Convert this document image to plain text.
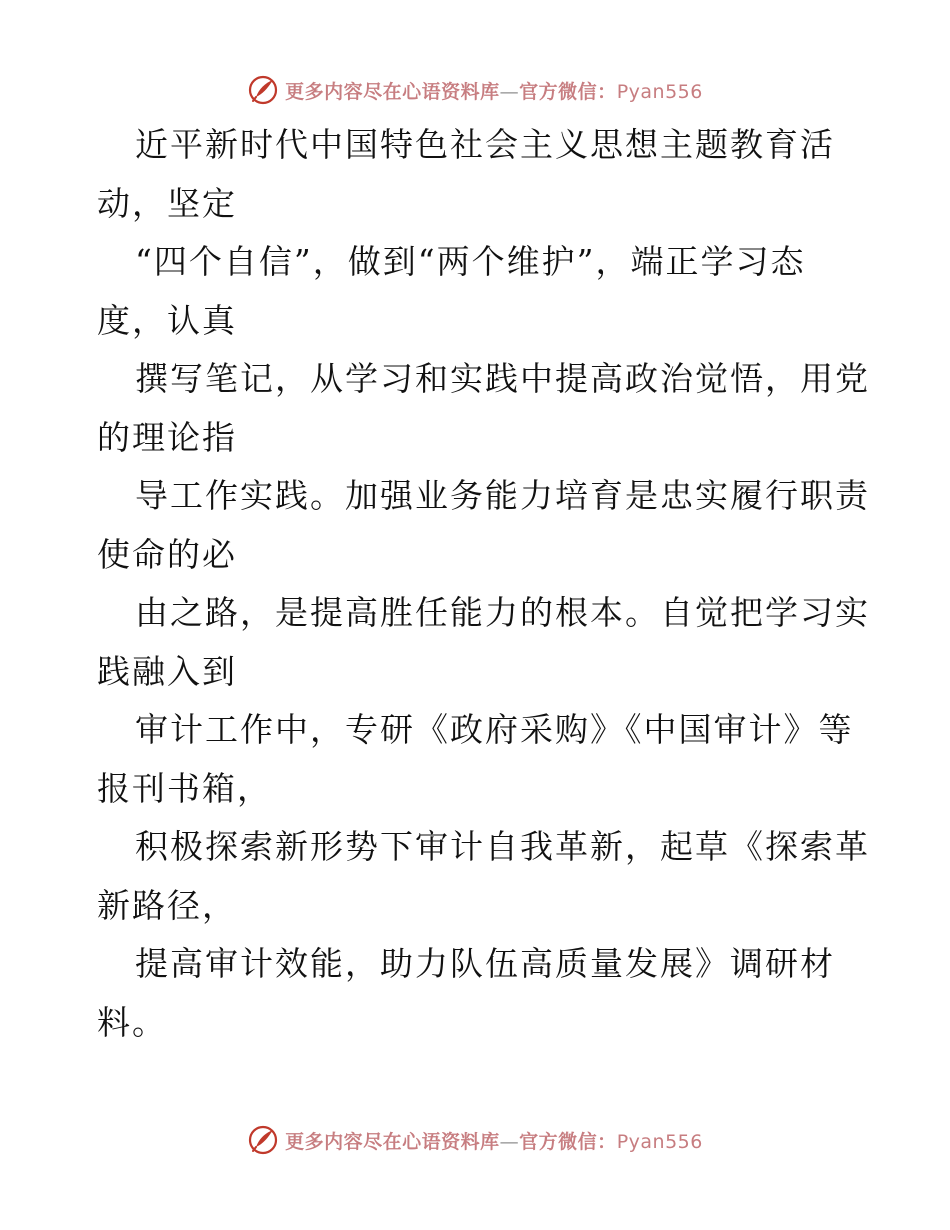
更多内容尽在心语资料库—官方微信：Pyan556
近平新时代中国特色社会主义思想主题教育活
动，坚定
“四个自信”，做到“两个维护”，端正学习态
度，认真
撰写笔记，从学习和实践中提高政治觉悟，用党
的理论指
导工作实践。加强业务能力培育是忠实履行职责
使命的必
由之路，是提高胜任能力的根本。自觉把学习实
践融入到
审计工作中，专研《政府采购》《中国审计》等
报刊书箱，
积极探索新形势下审计自我革新，起草《探索革
新路径，
提高审计效能，助力队伍高质量发展》调研材
料。
更多内容尽在心语资料库—官方微信：Pyan556
